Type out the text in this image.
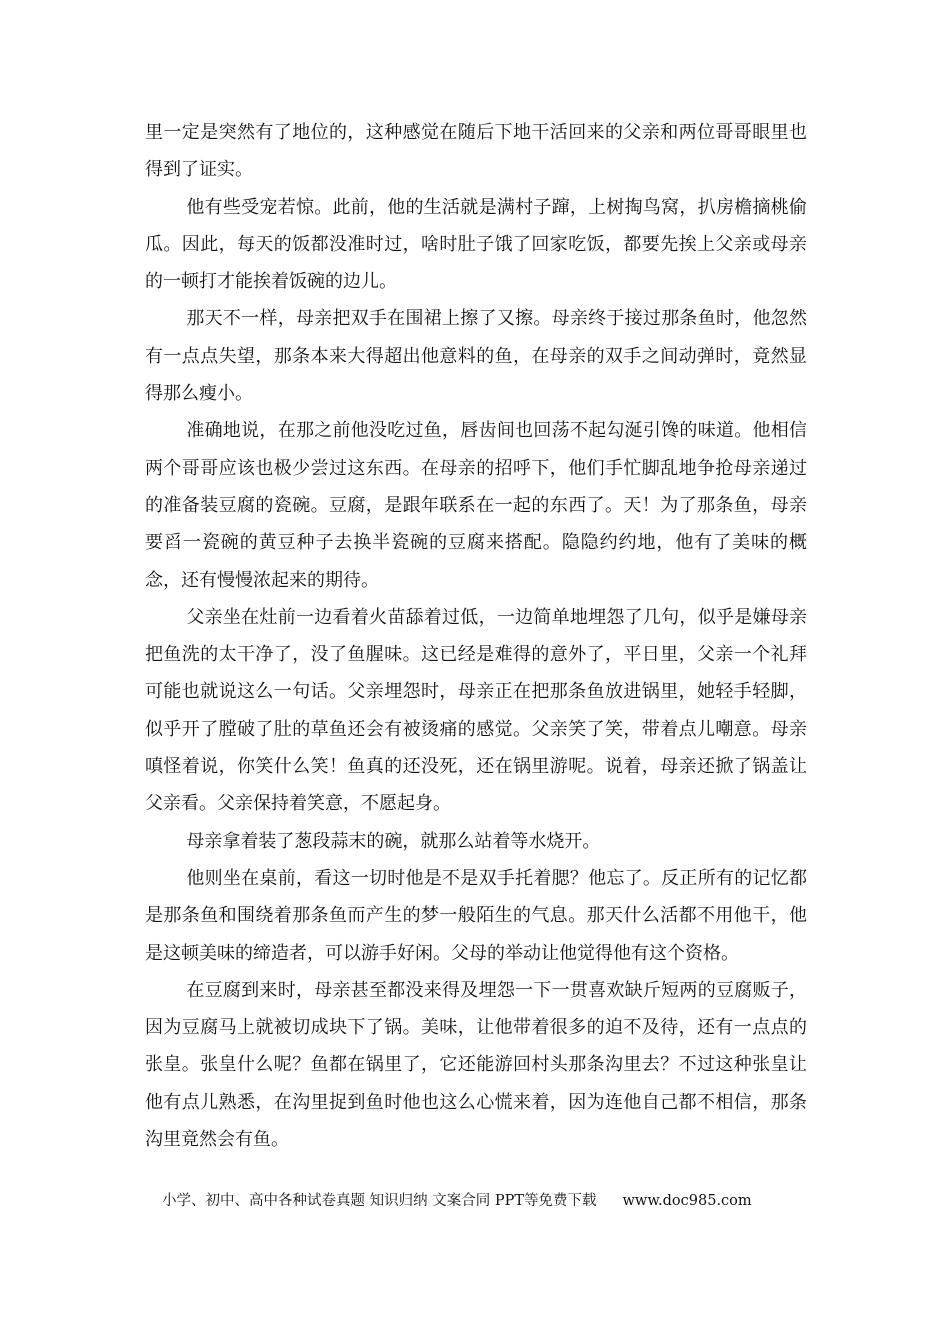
里一定是突然有了地位的，这种感觉在随后下地干活回来的父亲和两位哥哥眼里也得到了证实。

他有些受宠若惊。此前，他的生活就是满村子蹿，上树掏鸟窝，扒房檐摘桃偷瓜。因此，每天的饭都没准时过，啥时肚子饿了回家吃饭，都要先挨上父亲或母亲的一顿打才能挨着饭碗的边儿。

那天不一样，母亲把双手在围裙上擦了又擦。母亲终于接过那条鱼时，他忽然有一点点失望，那条本来大得超出他意料的鱼，在母亲的双手之间动弹时，竟然显得那么瘦小。

准确地说，在那之前他没吃过鱼，唇齿间也回荡不起勾涎引馋的味道。他相信两个哥哥应该也极少尝过这东西。在母亲的招呼下，他们手忙脚乱地争抢母亲递过的准备装豆腐的瓷碗。豆腐，是跟年联系在一起的东西了。天！为了那条鱼，母亲要舀一瓷碗的黄豆种子去换半瓷碗的豆腐来搭配。隐隐约约地，他有了美味的概念，还有慢慢浓起来的期待。

父亲坐在灶前一边看着火苗舔着过低，一边简单地埋怨了几句，似乎是嫌母亲把鱼洗的太干净了，没了鱼腥味。这已经是难得的意外了，平日里，父亲一个礼拜可能也就说这么一句话。父亲埋怨时，母亲正在把那条鱼放进锅里，她轻手轻脚，似乎开了膛破了肚的草鱼还会有被烫痛的感觉。父亲笑了笑，带着点儿嘲意。母亲嗔怪着说，你笑什么笑！鱼真的还没死，还在锅里游呢。说着，母亲还掀了锅盖让父亲看。父亲保持着笑意，不愿起身。

母亲拿着装了葱段蒜末的碗，就那么站着等水烧开。

他则坐在桌前，看这一切时他是不是双手托着腮？他忘了。反正所有的记忆都是那条鱼和围绕着那条鱼而产生的梦一般陌生的气息。那天什么活都不用他干，他是这顿美味的缔造者，可以游手好闲。父母的举动让他觉得他有这个资格。

在豆腐到来时，母亲甚至都没来得及埋怨一下一贯喜欢缺斤短两的豆腐贩子，因为豆腐马上就被切成块下了锅。美味，让他带着很多的迫不及待，还有一点点的张皇。张皇什么呢？鱼都在锅里了，它还能游回村头那条沟里去？不过这种张皇让他有点儿熟悉，在沟里捉到鱼时他也这么心慌来着，因为连他自己都不相信，那条沟里竟然会有鱼。

小学、初中、高中各种试卷真题 知识归纳 文案合同 PPT等免费下载 www.doc985.com
